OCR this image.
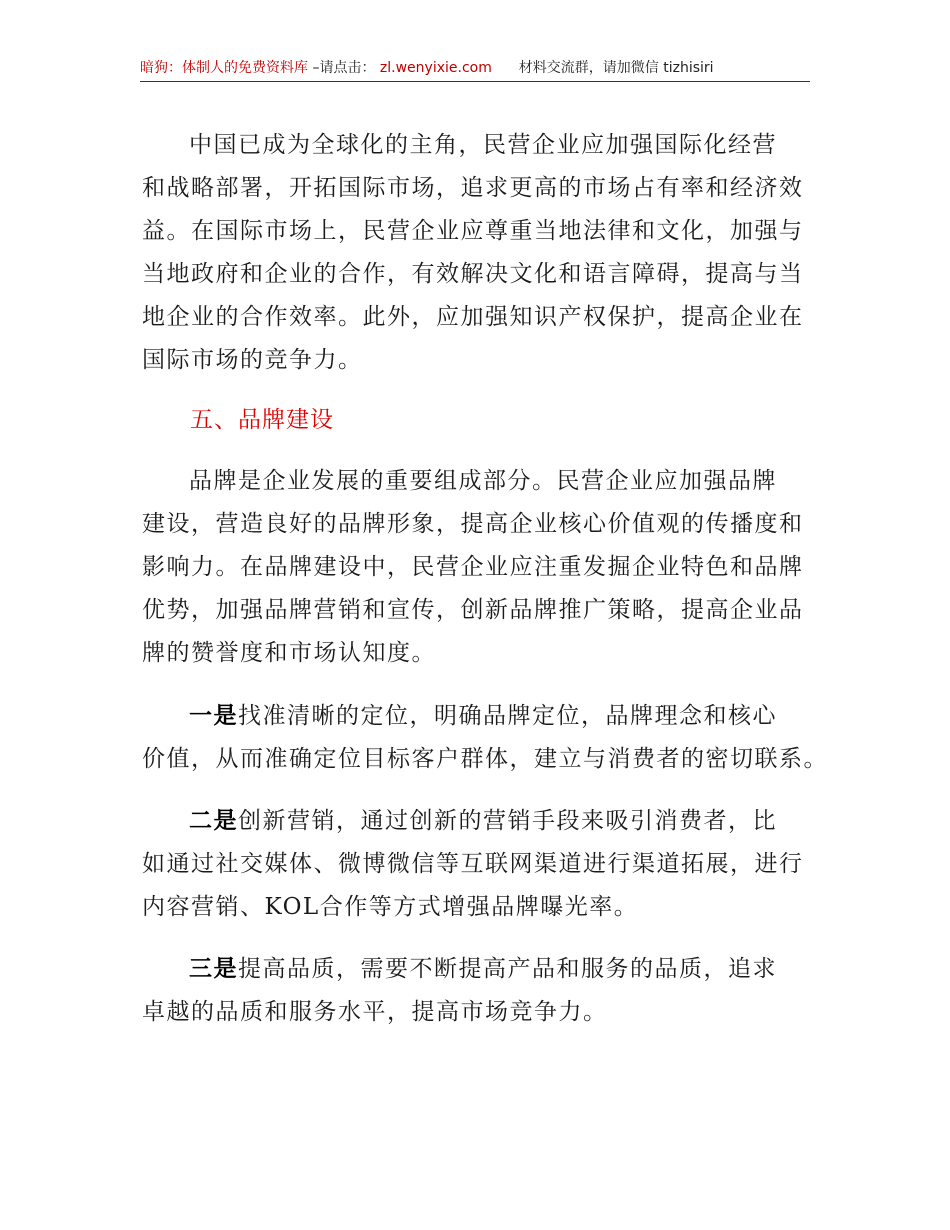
暗狗：体制人的免费资料库 –请点击： zl.wenyixie.com 材料交流群，请加微信 tizhisiri
中国已成为全球化的主角，民营企业应加强国际化经营
和战略部署，开拓国际市场，追求更高的市场占有率和经济效
益。在国际市场上，民营企业应尊重当地法律和文化，加强与
当地政府和企业的合作，有效解决文化和语言障碍，提高与当
地企业的合作效率。此外，应加强知识产权保护，提高企业在
国际市场的竞争力。
五、品牌建设
品牌是企业发展的重要组成部分。民营企业应加强品牌
建设，营造良好的品牌形象，提高企业核心价值观的传播度和
影响力。在品牌建设中，民营企业应注重发掘企业特色和品牌
优势，加强品牌营销和宣传，创新品牌推广策略，提高企业品
牌的赞誉度和市场认知度。
一是找准清晰的定位，明确品牌定位，品牌理念和核心
价值，从而准确定位目标客户群体，建立与消费者的密切联系。
二是创新营销，通过创新的营销手段来吸引消费者，比
如通过社交媒体、微博微信等互联网渠道进行渠道拓展，进行
内容营销、KOL合作等方式增强品牌曝光率。
三是提高品质，需要不断提高产品和服务的品质，追求
卓越的品质和服务水平，提高市场竞争力。
